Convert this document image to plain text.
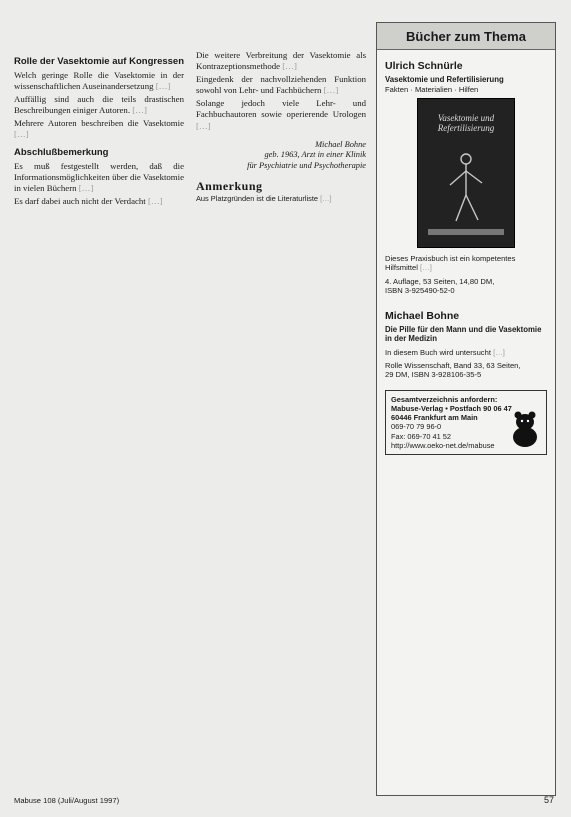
Rolle der Vasektomie auf Kongressen

Welch geringe Rolle die Vasektomie in der wissenschaftlichen Auseinandersetzung […]

Auffällig sind auch die teils drastischen Beschreibungen einiger Autoren. […]

Mehrere Autoren beschreiben die Vasektomie […]

Abschlußbemerkung

Es muß festgestellt werden, daß die Informationsmöglichkeiten über die Vasektomie in vielen Büchern […]

Es darf dabei auch nicht der Verdacht […]

Die weitere Verbreitung der Vasektomie als Kontrazeptionsmethode […]

Eingedenk der nachvollziehenden Funktion sowohl von Lehr- und Fachbüchern […]

Solange jedoch viele Lehr- und Fachbuchautoren sowie operierende Urologen […]

Michael Bohne
geb. 1963, Arzt in einer Klinik
für Psychiatrie und Psychotherapie
Anmerkung
Aus Platzgründen ist die Literaturliste […]
Bücher zum Thema
Ulrich Schnürle
Vasektomie und Refertilisierung
Fakten · Materialien · Hilfen
Vasektomie und Refertilisierung
Dieses Praxisbuch ist ein kompetentes Hilfsmittel […]
4. Auflage, 53 Seiten, 14,80 DM,
ISBN 3-925490-52-0
Michael Bohne
Die Pille für den Mann und die Vasektomie in der Medizin
In diesem Buch wird untersucht […]
Rolle Wissenschaft, Band 33, 63 Seiten,
29 DM, ISBN 3-928106-35-5
Gesamtverzeichnis anfordern:
Mabuse-Verlag • Postfach 90 06 47
60446 Frankfurt am Main
069-70 79 96-0
Fax: 069-70 41 52
http://www.oeko-net.de/mabuse
Mabuse 108 (Juli/August 1997)	57
